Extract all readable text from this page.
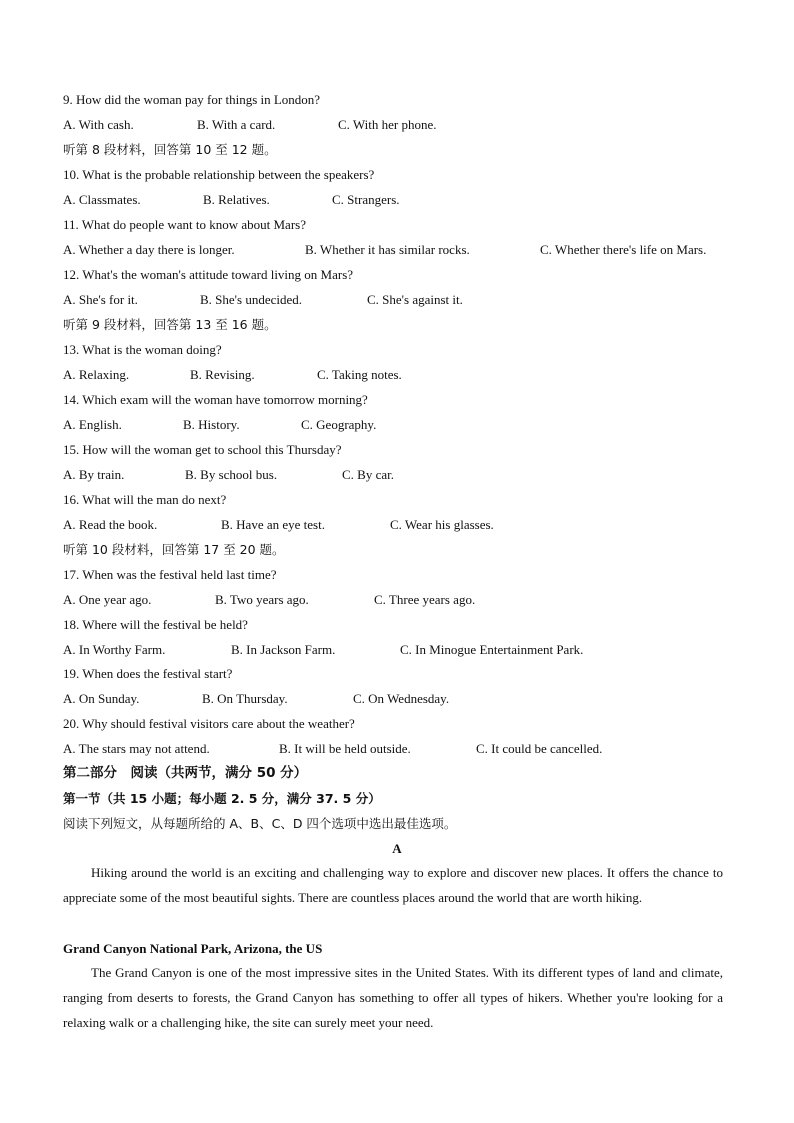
9. How did the woman pay for things in London?
A. With cash.	B. With a card.	C. With her phone.
听第 8 段材料，回答第 10 至 12 题。
10. What is the probable relationship between the speakers?
A. Classmates.	B. Relatives.	C. Strangers.
11. What do people want to know about Mars?
A. Whether a day there is longer.	B. Whether it has similar rocks.	C. Whether there's life on Mars.
12. What's the woman's attitude toward living on Mars?
A. She's for it.	B. She's undecided.	C. She's against it.
听第 9 段材料，回答第 13 至 16 题。
13. What is the woman doing?
A. Relaxing.	B. Revising.	C. Taking notes.
14. Which exam will the woman have tomorrow morning?
A. English.	B. History.	C. Geography.
15. How will the woman get to school this Thursday?
A. By train.	B. By school bus.	C. By car.
16. What will the man do next?
A. Read the book.	B. Have an eye test.	C. Wear his glasses.
听第 10 段材料，回答第 17 至 20 题。
17. When was the festival held last time?
A. One year ago.	B. Two years ago.	C. Three years ago.
18. Where will the festival be held?
A. In Worthy Farm.	B. In Jackson Farm.	C. In Minogue Entertainment Park.
19. When does the festival start?
A. On Sunday.	B. On Thursday.	C. On Wednesday.
20. Why should festival visitors care about the weather?
A. The stars may not attend.	B. It will be held outside.	C. It could be cancelled.
第二部分　阅读（共两节，满分 50 分）
第一节（共 15 小题；每小题 2. 5 分，满分 37. 5 分）
阅读下列短文，从每题所给的 A、B、C、D 四个选项中选出最佳选项。
A

Hiking around the world is an exciting and challenging way to explore and discover new places. It offers the chance to appreciate some of the most beautiful sights. There are countless places around the world that are worth hiking.

Grand Canyon National Park, Arizona, the US

The Grand Canyon is one of the most impressive sites in the United States. With its different types of land and climate, ranging from deserts to forests, the Grand Canyon has something to offer all types of hikers. Whether you're looking for a relaxing walk or a challenging hike, the site can surely meet your need.
